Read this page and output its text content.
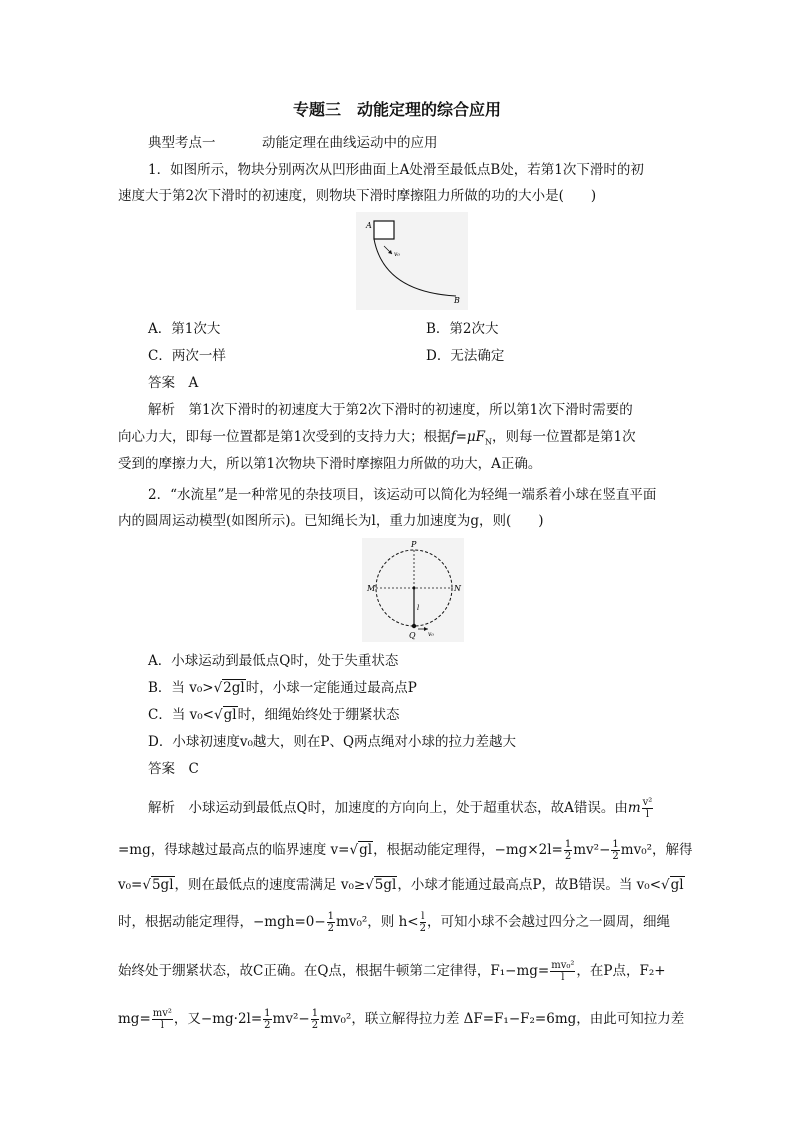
专题三　动能定理的综合应用
典型考点一	动能定理在曲线运动中的应用
1．如图所示，物块分别两次从凹形曲面上A处滑至最低点B处，若第1次下滑时的初
速度大于第2次下滑时的初速度，则物块下滑时摩擦阻力所做的功的大小是(　　)
A
v₀
B
A．第1次大	B．第2次大
C．两次一样	D．无法确定
答案　A
解析　第1次下滑时的初速度大于第2次下滑时的初速度，所以第1次下滑时需要的
向心力大，即每一位置都是第1次受到的支持力大；根据$f=\mu F_N$，则每一位置都是第1次
受到的摩擦力大，所以第1次物块下滑时摩擦阻力所做的功大，A正确。
2．“水流星”是一种常见的杂技项目，该运动可以简化为轻绳一端系着小球在竖直平面
内的圆周运动模型(如图所示)。已知绳长为l，重力加速度为g，则(　　)
P
M	N
l
Q v₀
A．小球运动到最低点Q时，处于失重状态
B．当 v₀>√2gl时，小球一定能通过最高点P
C．当 v₀<√gl时，细绳始终处于绷紧状态
D．小球初速度v₀越大，则在P、Q两点绳对小球的拉力差越大
答案　C
解析　小球运动到最低点Q时，加速度的方向向上，处于超重状态，故A错误。由m $\frac{\text{v²}}{l}$
=mg，得球越过最高点的临界速度 v=√gl，根据动能定理得，$-mg\times 2l= \frac{1}{2} mv^2- \frac{1}{2} mv_0^2$，解得
v₀=√5gl，则在最低点的速度需满足 v₀≥√5gl，小球才能通过最高点P，故B错误。当 v₀<√gl
时，根据动能定理得，$-mgh=0- \frac{1}{2} mv_0^2$，则 $h< \frac{l}{2}$ ，可知小球不会越过四分之一圆周，细绳
始终处于绷紧状态，故C正确。在Q点，根据牛顿第二定律得，$F_1-mg= \frac{\text{mv₀²}}{l}$ ，在P点，F₂+
$mg= \frac{\text{mv²}}{l}$ ，又$-mg\cdot 2l= \frac{1}{2} mv^2- \frac{1}{2} mv_0^2$，联立解得拉力差 ΔF=F₁−F₂=6mg，由此可知拉力差
